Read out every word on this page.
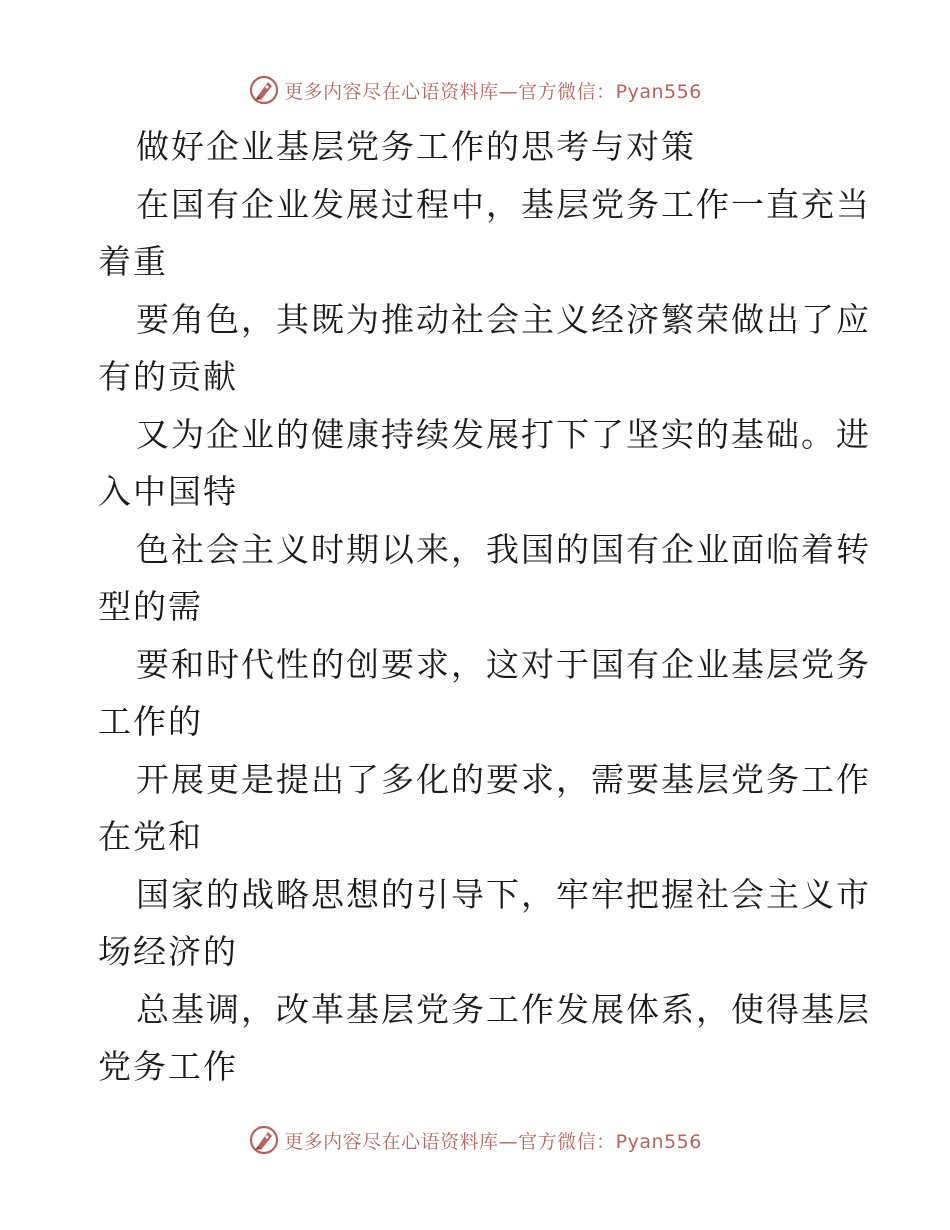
更多内容尽在心语资料库—官方微信：Pyan556
做好企业基层党务工作的思考与对策
在国有企业发展过程中，基层党务工作一直充当
着重
要角色，其既为推动社会主义经济繁荣做出了应
有的贡献
又为企业的健康持续发展打下了坚实的基础。进
入中国特
色社会主义时期以来，我国的国有企业面临着转
型的需
要和时代性的创要求，这对于国有企业基层党务
工作的
开展更是提出了多化的要求，需要基层党务工作
在党和
国家的战略思想的引导下，牢牢把握社会主义市
场经济的
总基调，改革基层党务工作发展体系，使得基层
党务工作
更多内容尽在心语资料库—官方微信：Pyan556
